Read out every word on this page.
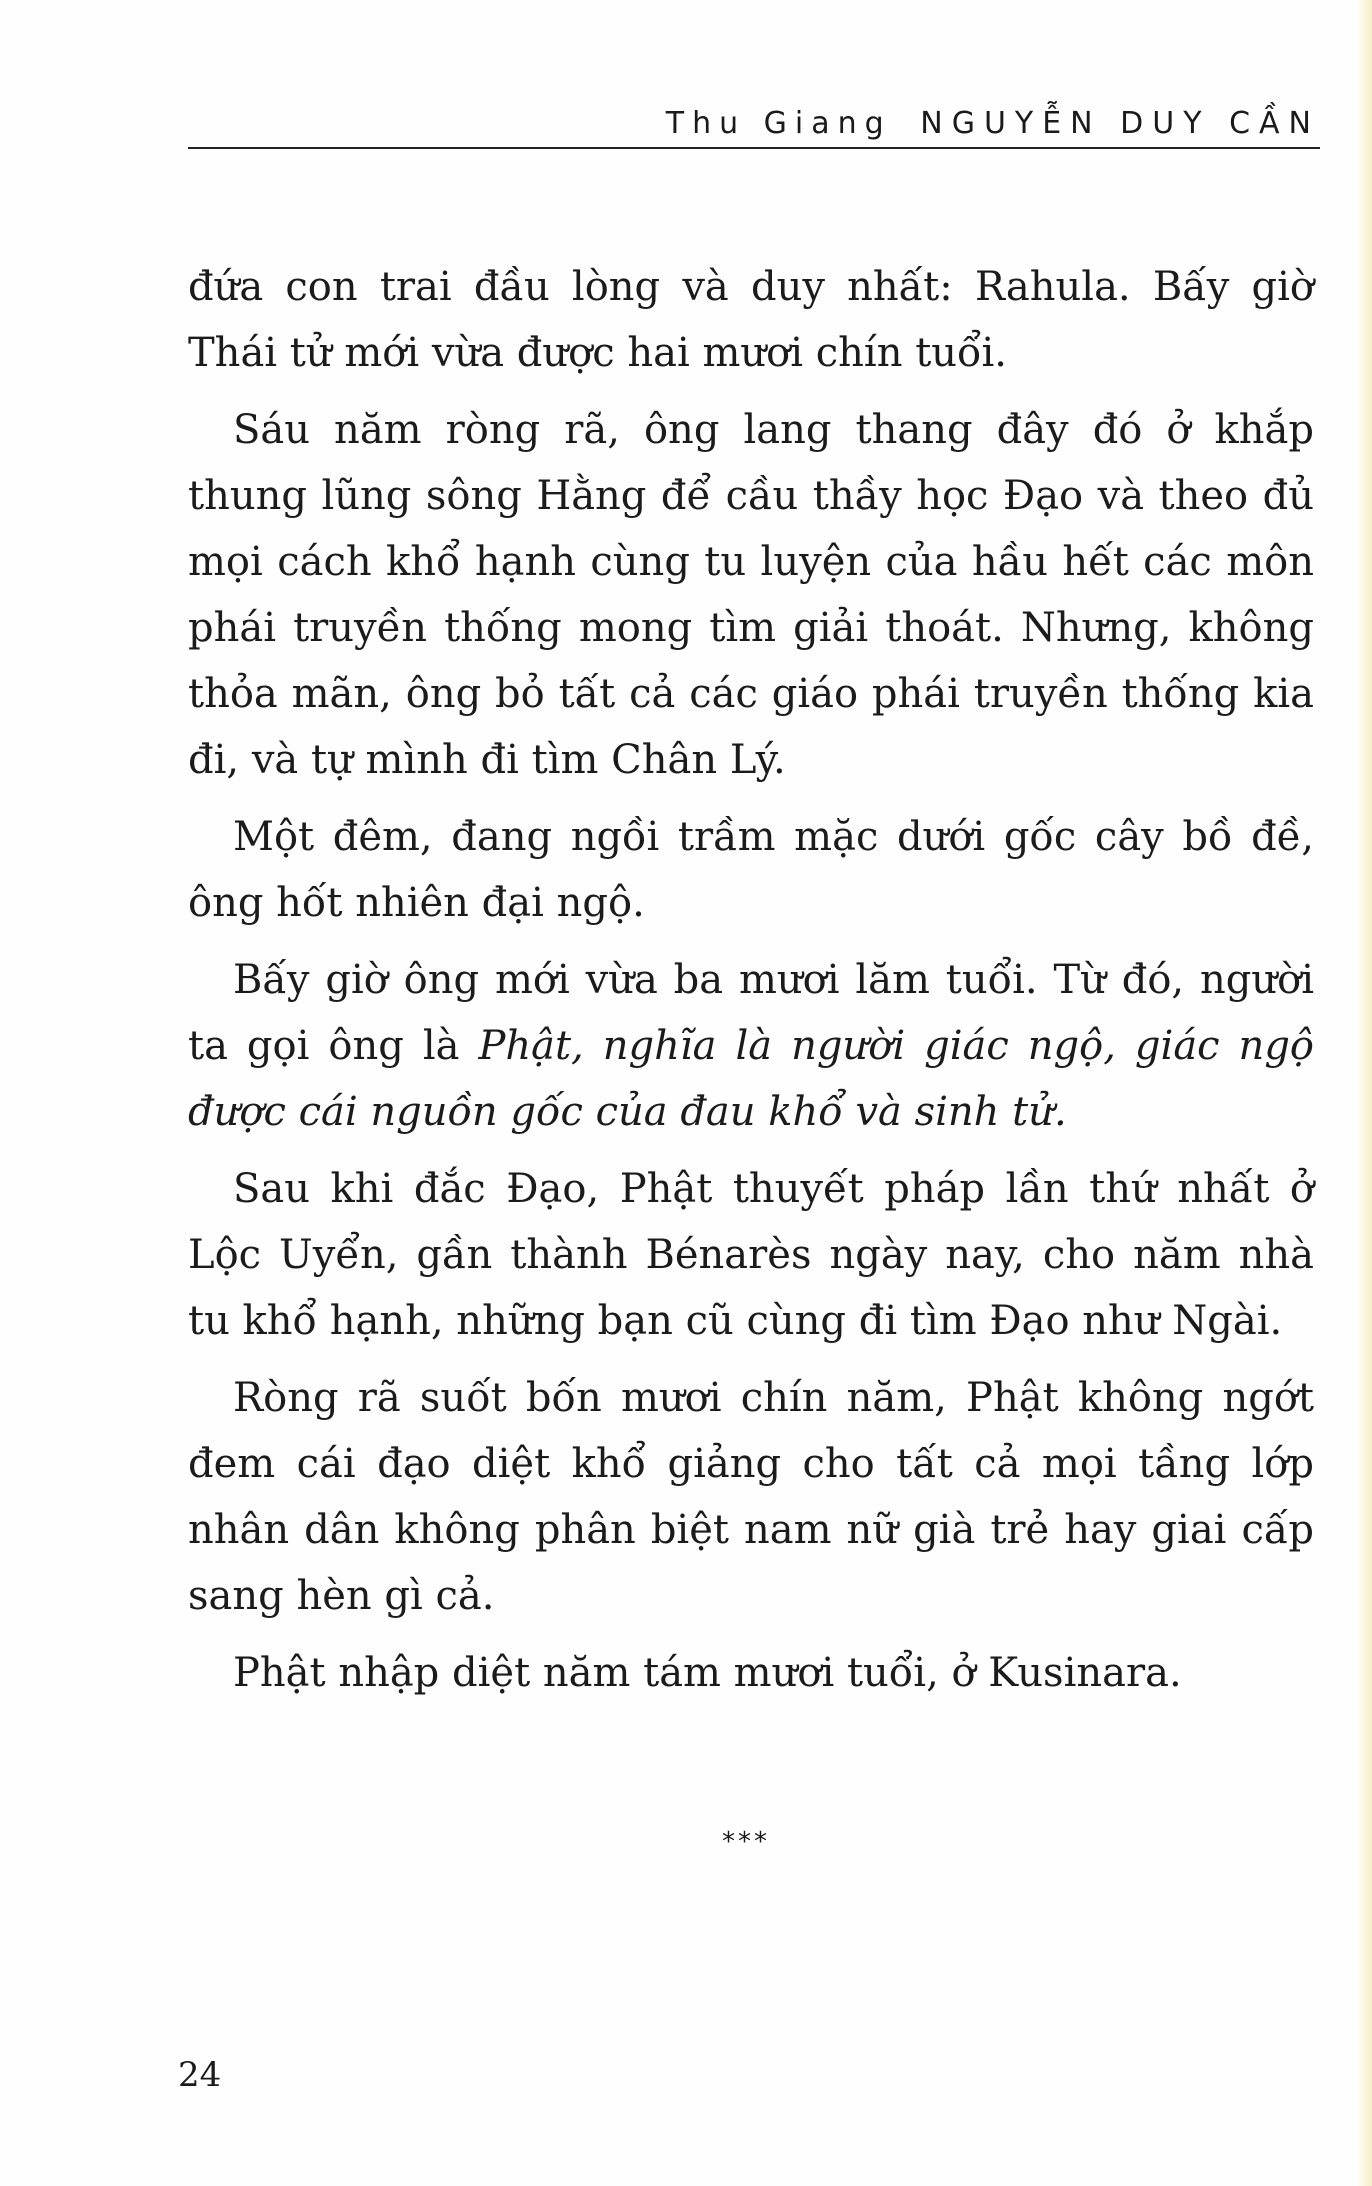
Thu Giang NGUYỄN DUY CẦN

đứa con trai đầu lòng và duy nhất: Rahula. Bấy giờ Thái tử mới vừa được hai mươi chín tuổi.

Sáu năm ròng rã, ông lang thang đây đó ở khắp thung lũng sông Hằng để cầu thầy học Đạo và theo đủ mọi cách khổ hạnh cùng tu luyện của hầu hết các môn phái truyền thống mong tìm giải thoát. Nhưng, không thỏa mãn, ông bỏ tất cả các giáo phái truyền thống kia đi, và tự mình đi tìm Chân Lý.

Một đêm, đang ngồi trầm mặc dưới gốc cây bồ đề, ông hốt nhiên đại ngộ.

Bấy giờ ông mới vừa ba mươi lăm tuổi. Từ đó, người ta gọi ông là Phật, nghĩa là người giác ngộ, giác ngộ được cái nguồn gốc của đau khổ và sinh tử.

Sau khi đắc Đạo, Phật thuyết pháp lần thứ nhất ở Lộc Uyển, gần thành Bénarès ngày nay, cho năm nhà tu khổ hạnh, những bạn cũ cùng đi tìm Đạo như Ngài.

Ròng rã suốt bốn mươi chín năm, Phật không ngớt đem cái đạo diệt khổ giảng cho tất cả mọi tầng lớp nhân dân không phân biệt nam nữ già trẻ hay giai cấp sang hèn gì cả.

Phật nhập diệt năm tám mươi tuổi, ở Kusinara.

***
24
